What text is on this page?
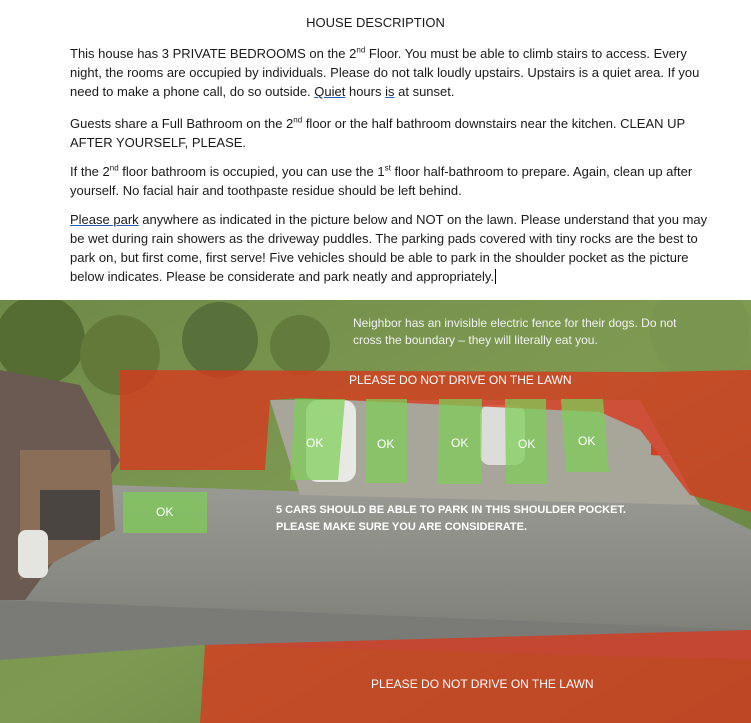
HOUSE DESCRIPTION

This house has 3 PRIVATE BEDROOMS on the 2nd Floor. You must be able to climb stairs to access. Every night, the rooms are occupied by individuals. Please do not talk loudly upstairs. Upstairs is a quiet area. If you need to make a phone call, do so outside. Quiet hours is at sunset.

Guests share a Full Bathroom on the 2nd floor or the half bathroom downstairs near the kitchen. CLEAN UP AFTER YOURSELF, PLEASE.

If the 2nd floor bathroom is occupied, you can use the 1st floor half-bathroom to prepare. Again, clean up after yourself. No facial hair and toothpaste residue should be left behind.

Please park anywhere as indicated in the picture below and NOT on the lawn. Please understand that you may be wet during rain showers as the driveway puddles. The parking pads covered with tiny rocks are the best to park on, but first come, first serve! Five vehicles should be able to park in the shoulder pocket as the picture below indicates. Please be considerate and park neatly and appropriately.

Neighbor has an invisible electric fence for their dogs. Do not
cross the boundary – they will literally eat you.
PLEASE DO NOT DRIVE ON THE LAWN
PLEASE DO NOT DRIVE ON THE LAWN
OK	OK	OK	OK	OK
OK	5 CARS SHOULD BE ABLE TO PARK IN THIS SHOULDER POCKET.
PLEASE MAKE SURE YOU ARE CONSIDERATE.
